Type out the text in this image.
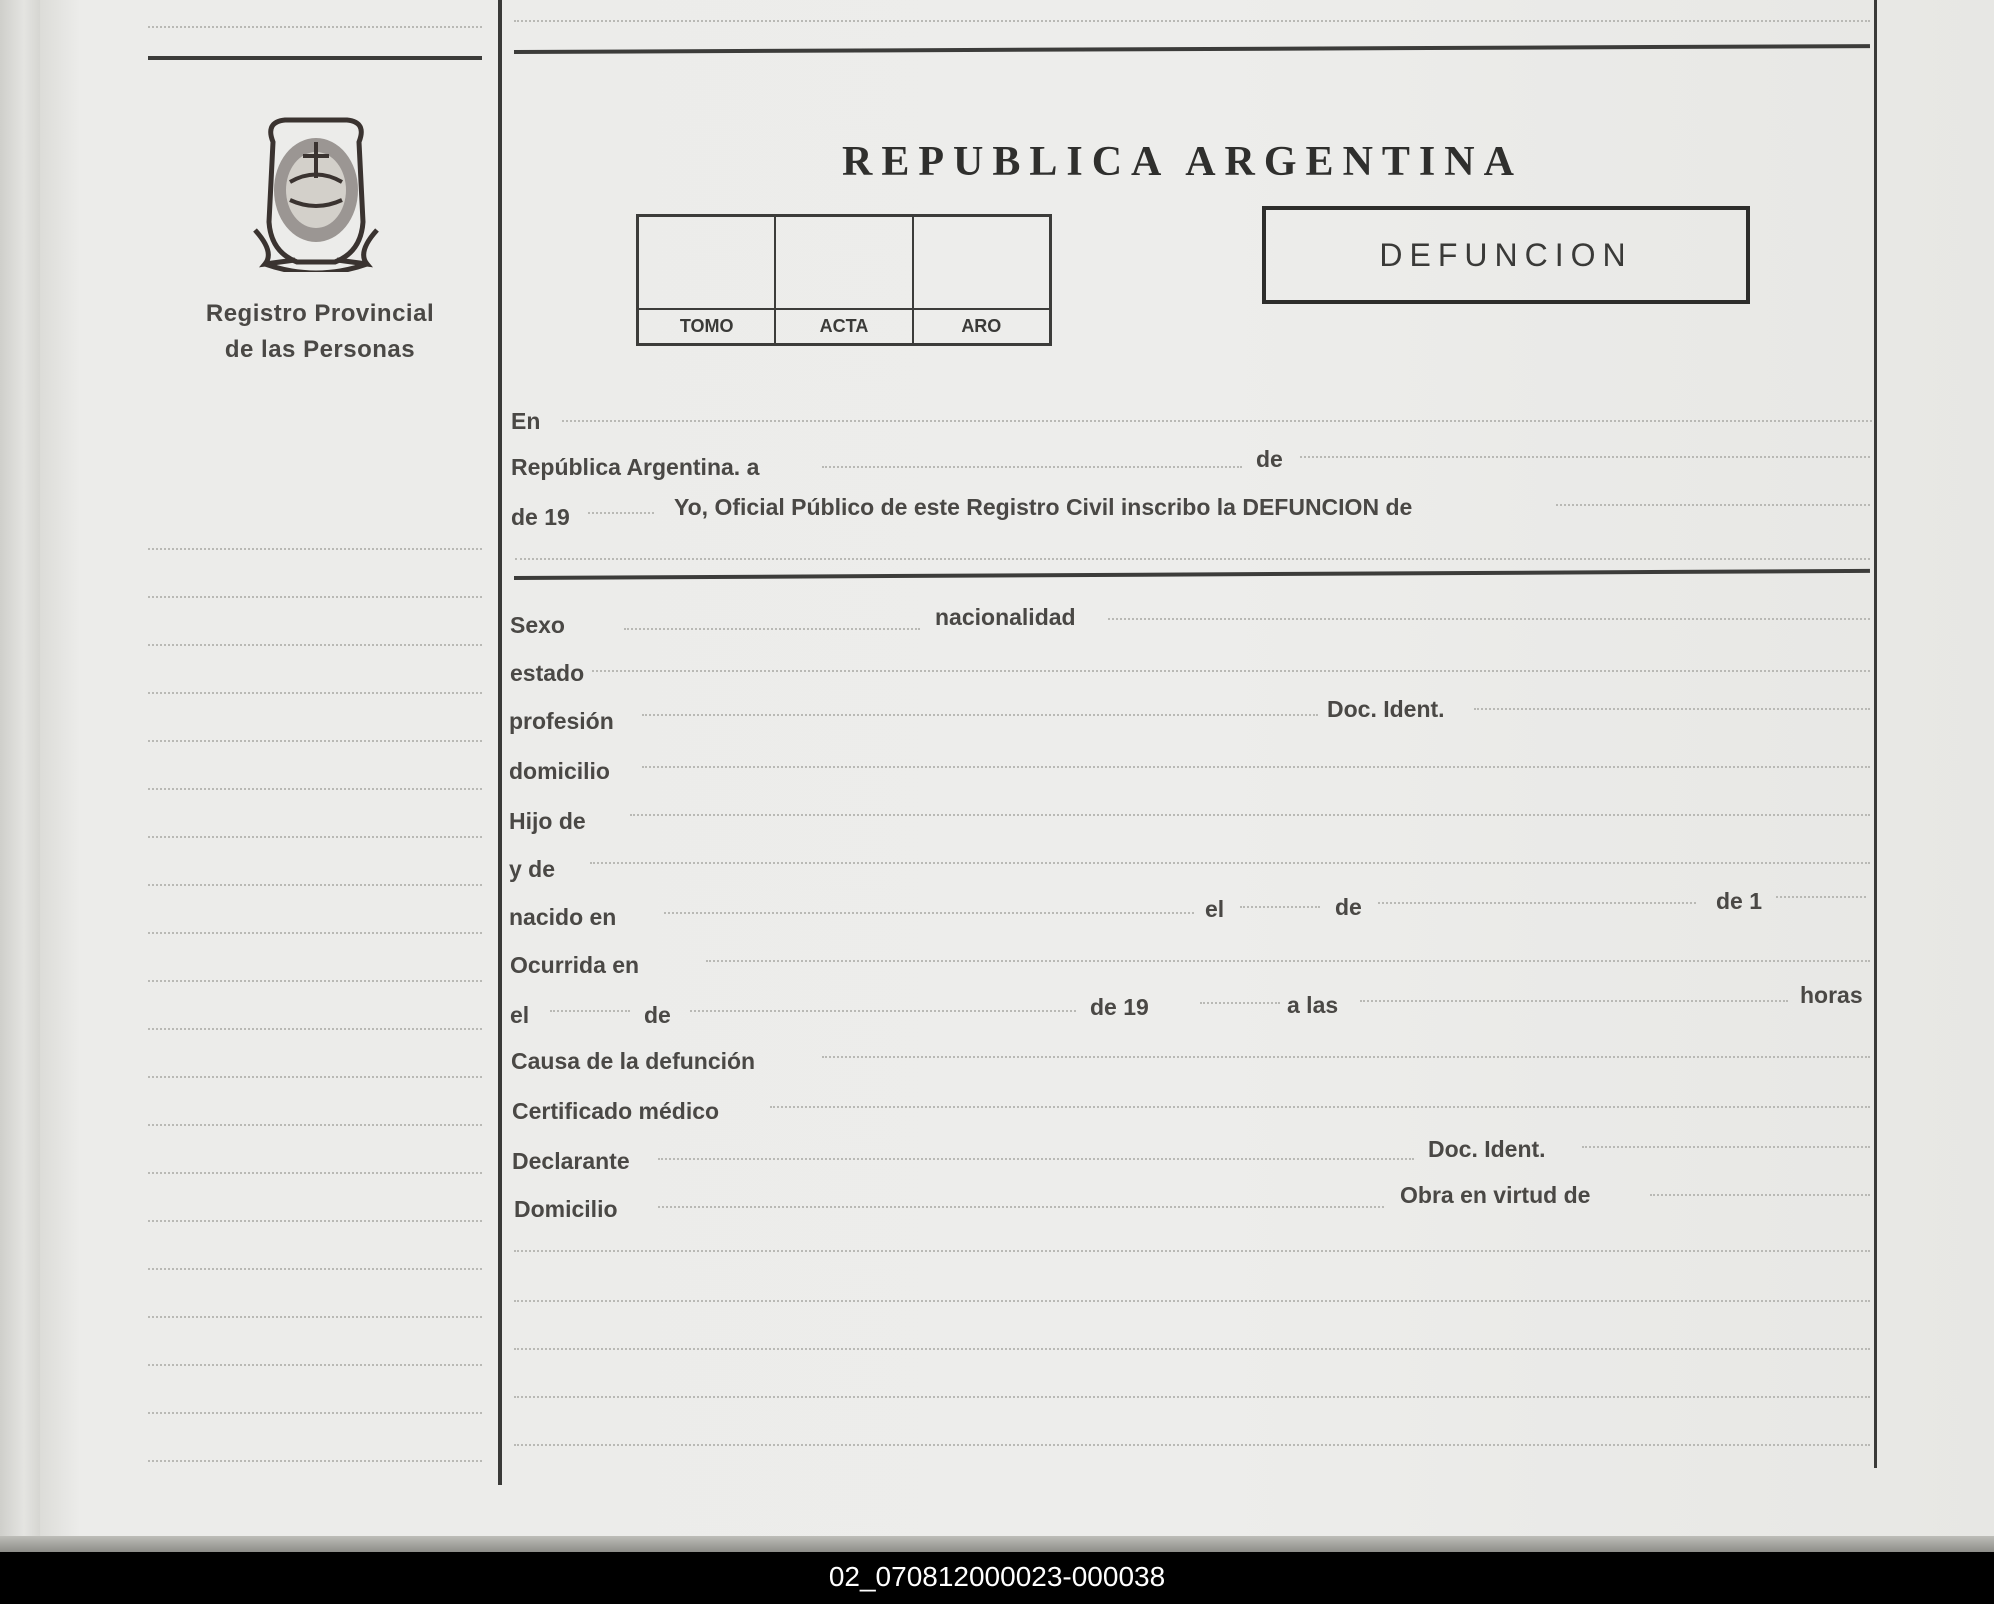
Registro Provincial
de las Personas
REPUBLICA ARGENTINA
TOMO	ACTA	ARO
DEFUNCION
En
República Argentina. a	de
de 19	Yo, Oficial Público de este Registro Civil inscribo la DEFUNCION de
Sexo	nacionalidad
estado
profesión	Doc. Ident.
domicilio
Hijo de
y de
nacido en	el	de	de 1
Ocurrida en
el	de	de 19	a las	horas
Causa de la defunción
Certificado médico
Declarante	Doc. Ident.
Domicilio
Obra en virtud de
02_070812000023-000038
